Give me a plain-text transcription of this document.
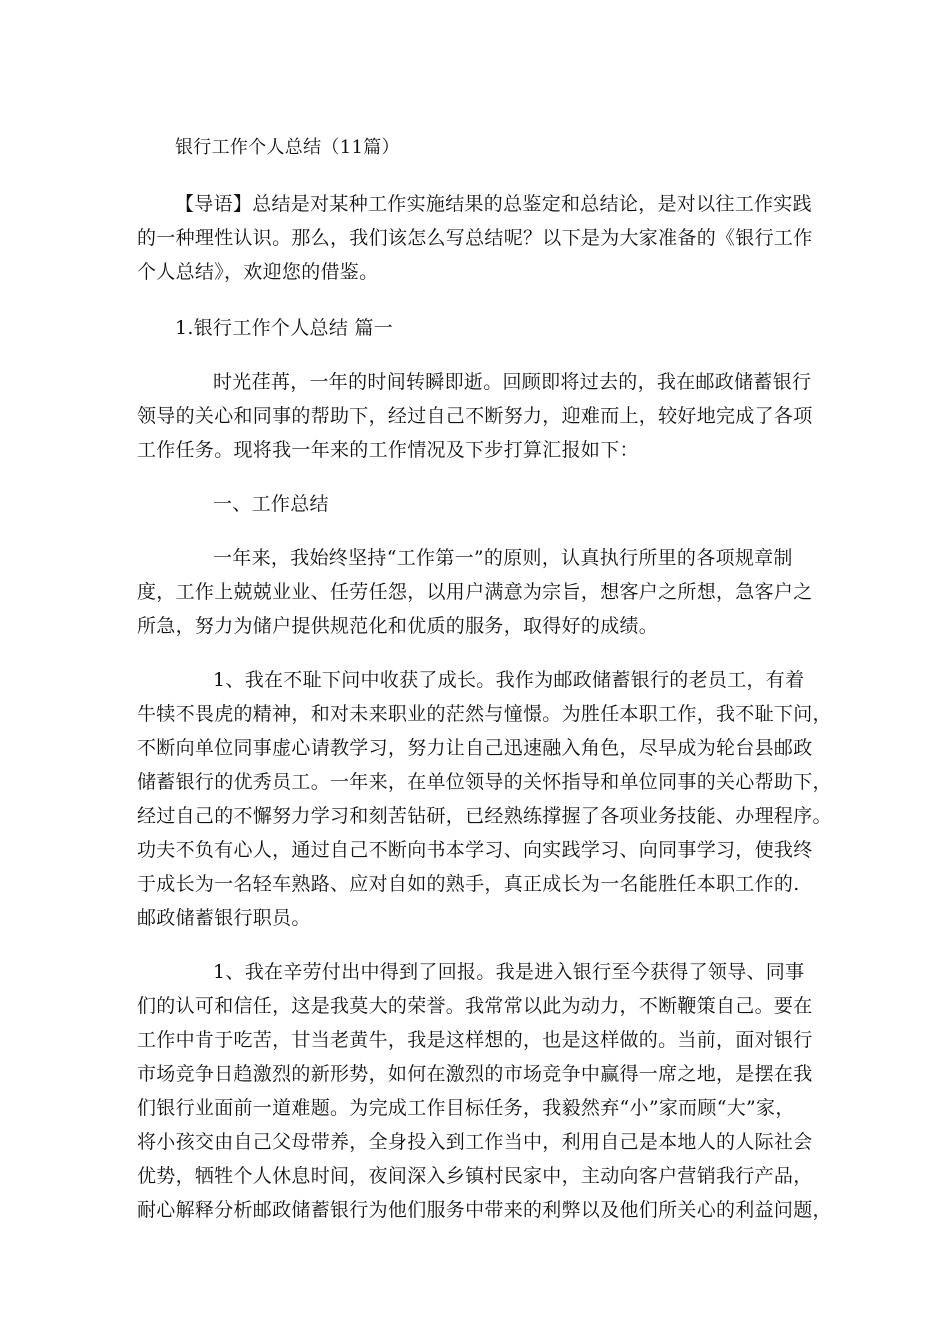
银行工作个人总结（11篇）
【导语】总结是对某种工作实施结果的总鉴定和总结论，是对以往工作实践
的一种理性认识。那么，我们该怎么写总结呢？以下是为大家准备的《银行工作
个人总结》，欢迎您的借鉴。
1.银行工作个人总结 篇一
时光荏苒，一年的时间转瞬即逝。回顾即将过去的，我在邮政储蓄银行
领导的关心和同事的帮助下，经过自己不断努力，迎难而上，较好地完成了各项
工作任务。现将我一年来的工作情况及下步打算汇报如下：
一、工作总结
一年来，我始终坚持“工作第一”的原则，认真执行所里的各项规章制
度，工作上兢兢业业、任劳任怨，以用户满意为宗旨，想客户之所想，急客户之
所急，努力为储户提供规范化和优质的服务，取得好的成绩。
1、我在不耻下问中收获了成长。我作为邮政储蓄银行的老员工，有着
牛犊不畏虎的精神，和对未来职业的茫然与憧憬。为胜任本职工作，我不耻下问，
不断向单位同事虚心请教学习，努力让自己迅速融入角色，尽早成为轮台县邮政
储蓄银行的优秀员工。一年来，在单位领导的关怀指导和单位同事的关心帮助下，
经过自己的不懈努力学习和刻苦钻研，已经熟练撑握了各项业务技能、办理程序。
功夫不负有心人，通过自己不断向书本学习、向实践学习、向同事学习，使我终
于成长为一名轻车熟路、应对自如的熟手，真正成长为一名能胜任本职工作的.
邮政储蓄银行职员。
1、我在辛劳付出中得到了回报。我是进入银行至今获得了领导、同事
们的认可和信任，这是我莫大的荣誉。我常常以此为动力，不断鞭策自己。要在
工作中肯于吃苦，甘当老黄牛，我是这样想的，也是这样做的。当前，面对银行
市场竞争日趋激烈的新形势，如何在激烈的市场竞争中赢得一席之地，是摆在我
们银行业面前一道难题。为完成工作目标任务，我毅然弃“小”家而顾“大”家，
将小孩交由自己父母带养，全身投入到工作当中，利用自己是本地人的人际社会
优势，牺牲个人休息时间，夜间深入乡镇村民家中，主动向客户营销我行产品，
耐心解释分析邮政储蓄银行为他们服务中带来的利弊以及他们所关心的利益问题，
